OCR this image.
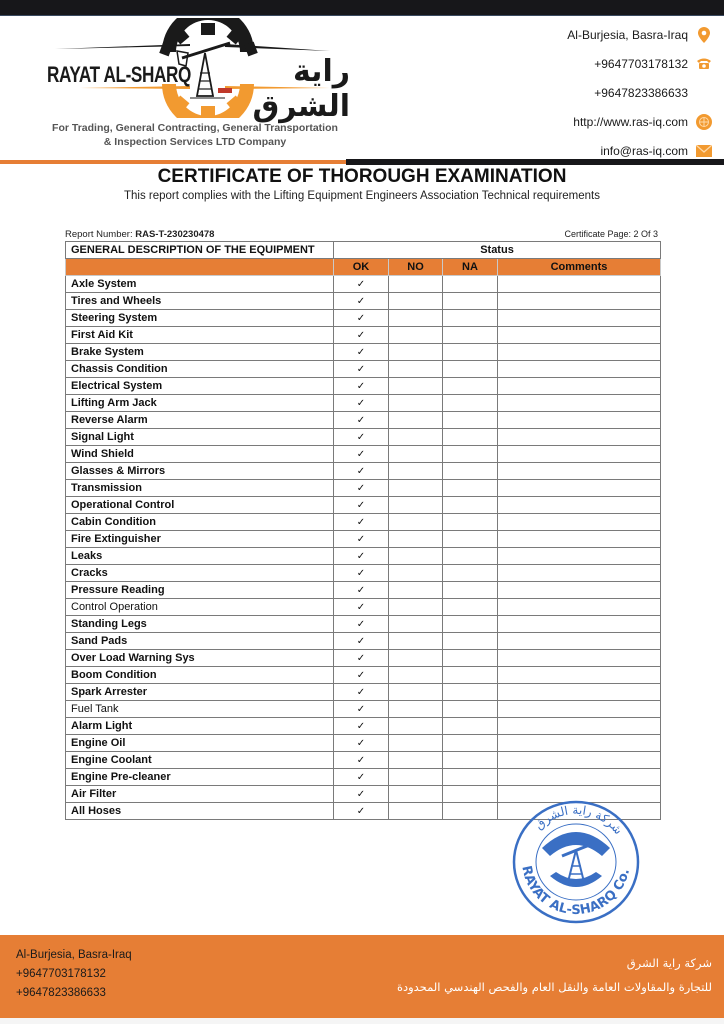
RAYAT AL-SHARQ	راية الشرق
For Trading, General Contracting, General Transportation
& Inspection Services LTD Company
Al-Burjesia, Basra-Iraq
+9647703178132
+9647823386633
http://www.ras-iq.com
info@ras-iq.com
CERTIFICATE OF THOROUGH EXAMINATION
This report complies with the Lifting Equipment Engineers Association Technical requirements
Report Number: RAS-T-230230478	Certificate Page: 2 Of 3
GENERAL DESCRIPTION OF THE EQUIPMENT	Status			
	OK	NO	NA	Comments
Axle System	✓			
Tires and Wheels	✓			
Steering System	✓			
First Aid Kit	✓			
Brake System	✓			
Chassis Condition	✓			
Electrical System	✓			
Lifting Arm Jack	✓			
Reverse Alarm	✓			
Signal Light	✓			
Wind Shield	✓			
Glasses & Mirrors	✓			
Transmission	✓			
Operational Control	✓			
Cabin Condition	✓			
Fire Extinguisher	✓			
Leaks	✓			
Cracks	✓			
Pressure Reading	✓			
Control Operation	✓			
Standing Legs	✓			
Sand Pads	✓			
Over Load Warning Sys	✓			
Boom Condition	✓			
Spark Arrester	✓			
Fuel Tank	✓			
Alarm Light	✓			
Engine Oil	✓			
Engine Coolant	✓			
Engine Pre-cleaner	✓			
Air Filter	✓			
All Hoses	✓			
RAYAT AL-SHARQ Co.
شركة راية الشرق
Al-Burjesia, Basra-Iraq
+9647703178132
+9647823386633
شركة راية الشرق
للتجارة والمقاولات العامة والنقل العام والفحص الهندسي المحدودة
